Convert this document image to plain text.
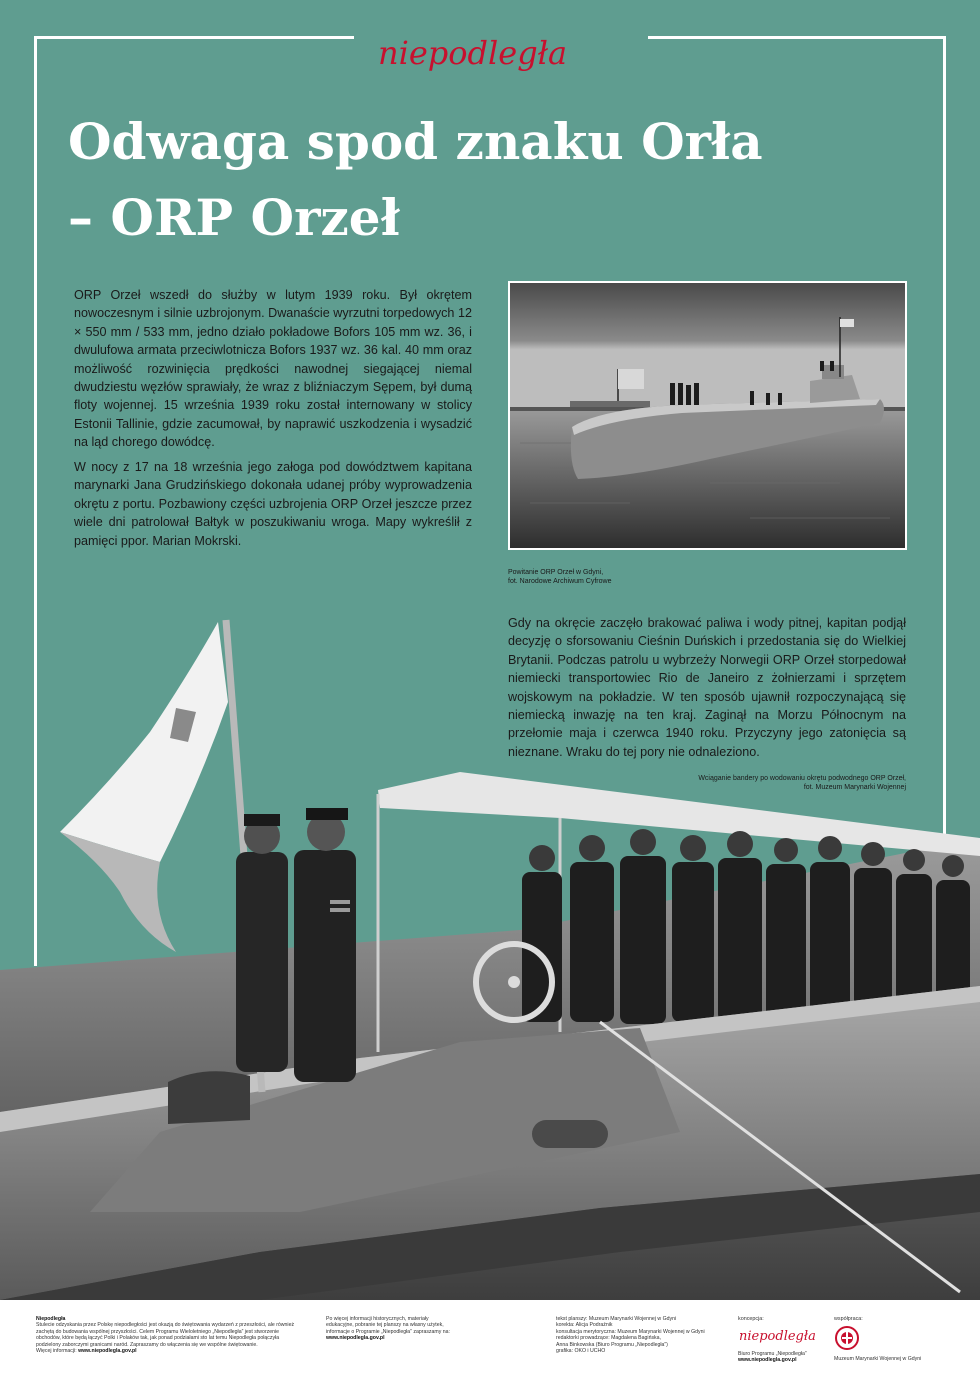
niepodległa
Odwaga spod znaku Orła
– ORP Orzeł

ORP Orzeł wszedł do służby w lutym 1939 roku. Był okrętem nowoczesnym i silnie uzbrojonym. Dwanaście wyrzutni torpedowych 12 × 550 mm / 533 mm, jedno działo pokładowe Bofors 105 mm wz. 36, i dwulufowa armata przeciwlotnicza Bofors 1937 wz. 36 kal. 40 mm oraz możliwość rozwinięcia prędkości nawodnej siegającej niemal dwudziestu węzłów sprawiały, że wraz z bliźniaczym Sępem, był dumą floty wojennej. 15 września 1939 roku został internowany w stolicy Estonii Tallinie, gdzie zacumował, by naprawić uszkodzenia i wysadzić na ląd chorego dowódcę.

W nocy z 17 na 18 września jego załoga pod dowództwem kapitana marynarki Jana Grudzińskiego dokonała udanej próby wyprowadzenia okrętu z portu. Pozbawiony części uzbrojenia ORP Orzeł jeszcze przez wiele dni patrolował Bałtyk w poszukiwaniu wroga. Mapy wykreślił z pamięci ppor. Marian Mokrski.

Powitanie ORP Orzeł w Gdyni,
fot. Narodowe Archiwum Cyfrowe

Gdy na okręcie zaczęło brakować paliwa i wody pitnej, kapitan podjął decyzję o sforsowaniu Cieśnin Duńskich i przedostania się do Wielkiej Brytanii. Podczas patrolu u wybrzeży Norwegii ORP Orzeł storpedował niemiecki transportowiec Rio de Janeiro z żołnierzami i sprzętem wojskowym na pokładzie. W ten sposób ujawnił rozpoczynającą się niemiecką inwazję na ten kraj. Zaginął na Morzu Północnym na przełomie maja i czerwca 1940 roku. Przyczyny jego zatonięcia są nieznane. Wraku do tej pory nie odnaleziono.

Wciąganie bandery po wodowaniu okrętu podwodnego ORP Orzeł,
fot. Muzeum Marynarki Wojennej
Niepodległa
Stulecie odzyskania przez Polskę niepodległości jest okazją do świętowania wydarzeń z przeszłości, ale również zachętą do budowania wspólnej przyszłości. Celem Programu Wieloletniego „Niepodległa” jest stworzenie obchodów, które będą łączyć Polki i Polaków tak, jak ponad podziałami sto lat temu Niepodległa połączyła podzielony zaborczymi granicami naród. Zapraszamy do włączenia się we wspólne świętowanie.
Więcej informacji: www.niepodlegla.gov.pl
Po więcej informacji historycznych, materiały edukacyjne, pobranie tej planszy na własny użytek, informacje o Programie „Niepodległa” zapraszamy na:
www.niepodlegla.gov.pl
tekst planszy: Muzeum Marynarki Wojennej w Gdyni
korekta: Alicja Podraźnik
konsultacja merytoryczna: Muzeum Marynarki Wojennej w Gdyni
redaktorki prowadzące: Magdalena Bagińska,
Anna Binkowska (Biuro Programu „Niepodległa”)
grafika: OKO i UCHO
koncepcja:
niepodległa
Biuro Programu „Niepodległa”
www.niepodlegla.gov.pl
współpraca:
Muzeum Marynarki Wojennej w Gdyni
